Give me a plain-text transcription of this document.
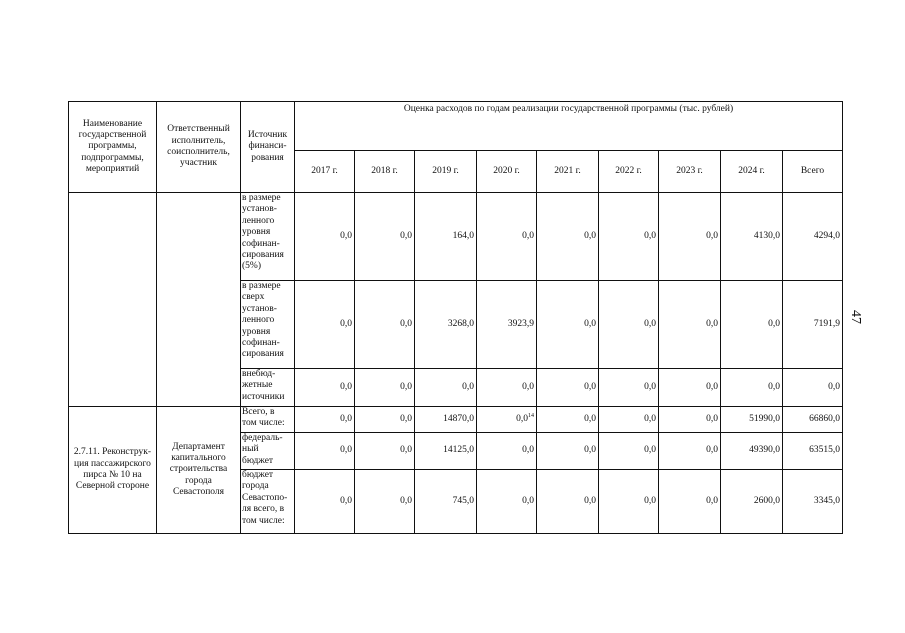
47
Наименование государственной программы, подпрограммы, мероприятий	Ответственный исполнитель, соисполнитель, участник	Источник финанси-рования	Оценка расходов по годам реализации государственной программы (тыс. рублей)								
			2017 г.	2018 г.	2019 г.	2020 г.	2021 г.	2022 г.	2023 г.	2024 г.	Всего
		в размере установ-ленного уровня софинан-сирования (5%)	0,0	0,0	164,0	0,0	0,0	0,0	0,0	4130,0	4294,0
		в размере сверх установ-ленного уровня софинан-сирования	0,0	0,0	3268,0	3923,9	0,0	0,0	0,0	0,0	7191,9
		внебюд-жетные источники	0,0	0,0	0,0	0,0	0,0	0,0	0,0	0,0	0,0
2.7.11. Реконструк-ция пассажирского пирса № 10 на Северной стороне	Департамент капитального строительства города Севастополя	Всего, в том числе:	0,0	0,0	14870,0	$0,0^{14}$	0,0	0,0	0,0	51990,0	66860,0
		федераль-ный бюджет	0,0	0,0	14125,0	0,0	0,0	0,0	0,0	49390,0	63515,0
		бюджет города Севастопо-ля всего, в том числе:	0,0	0,0	745,0	0,0	0,0	0,0	0,0	2600,0	3345,0
